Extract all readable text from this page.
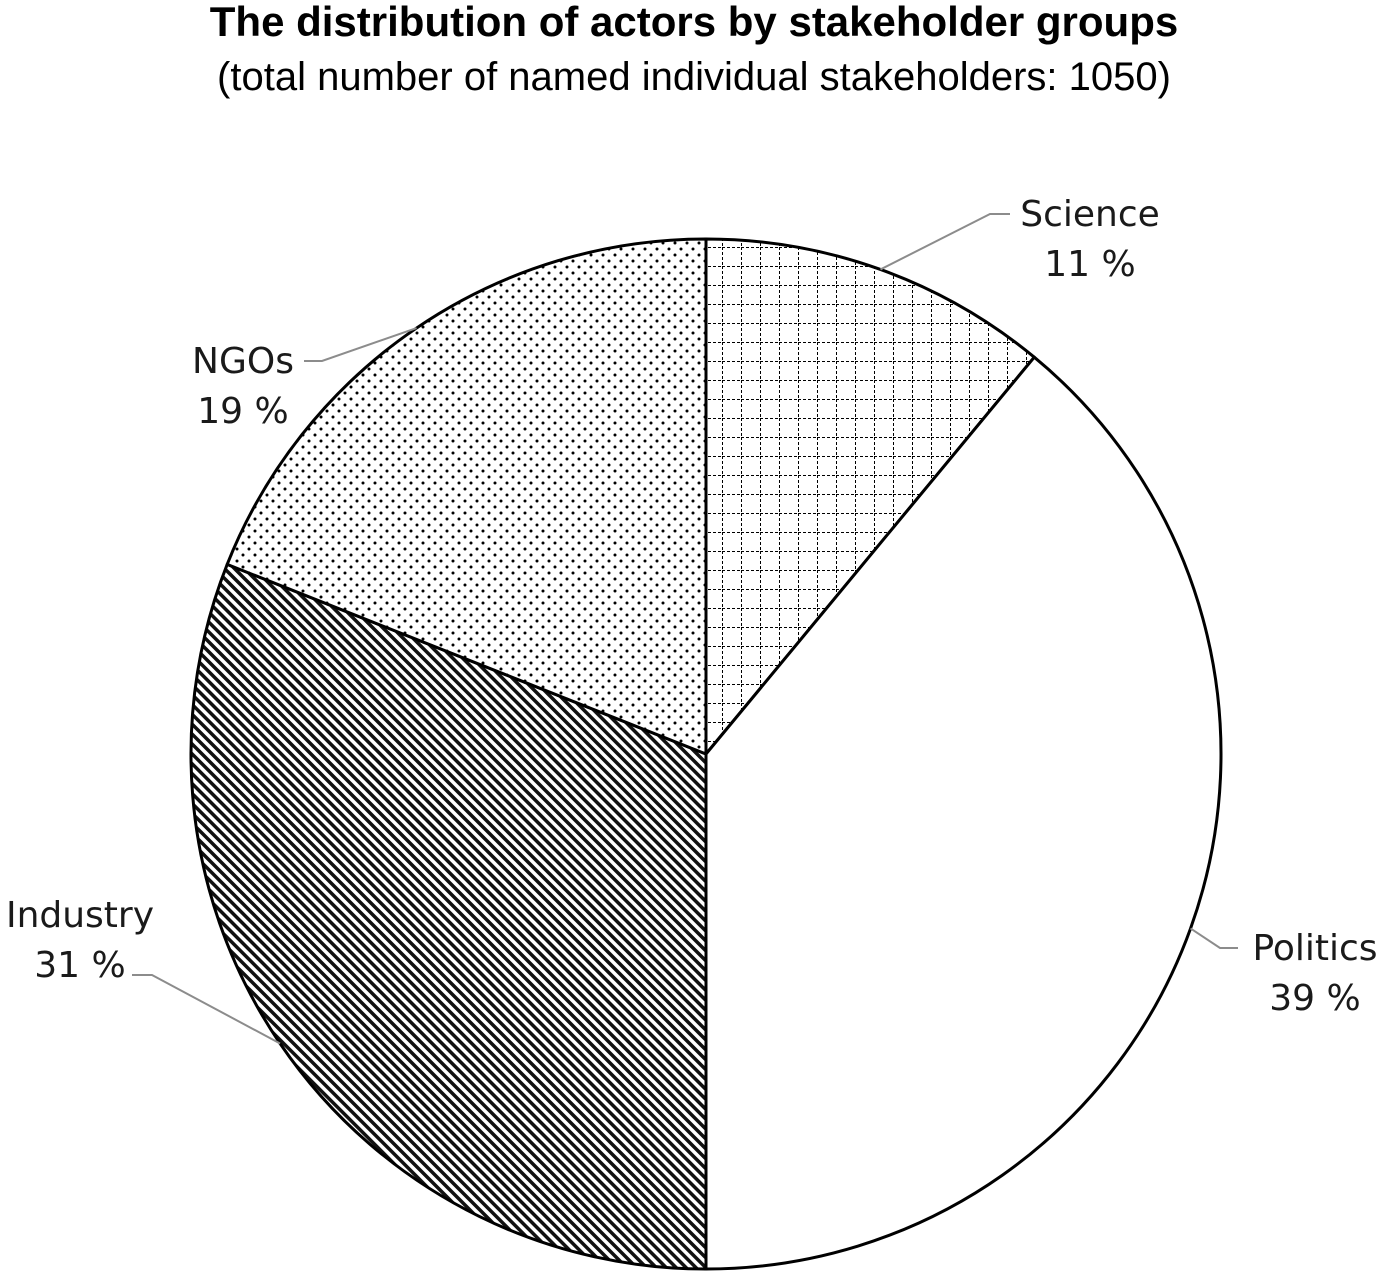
The distribution of actors by stakeholder groups
(total number of named individual stakeholders: 1050)
Science
11 %
Politics
39 %
Industry
31 %
NGOs
19 %
